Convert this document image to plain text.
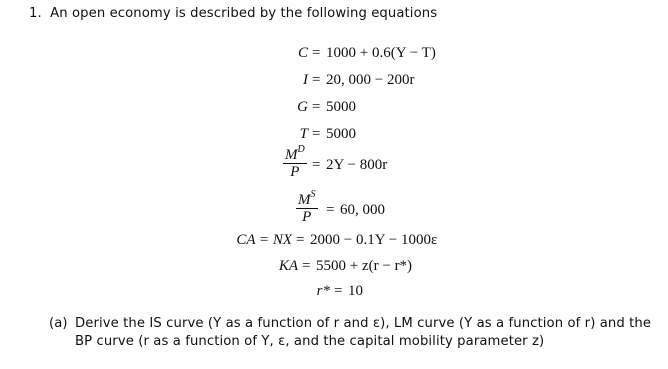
1. An open economy is described by the following equations
C = 1000 + 0.6(Y − T)
I = 20, 000 − 200r
G = 5000
T = 5000
$\frac{M^D}{P} = 2Y - 800r$
$\frac{M^S}{P} = 60$, 000
CA = NX = 2000 − 0.1Y − 1000ε
KA = 5500 + z(r − r*)
r* = 10
(a) Derive the IS curve (Y as a function of r and ε), LM curve (Y as a function of r) and the
BP curve (r as a function of Y, ε, and the capital mobility parameter z)
